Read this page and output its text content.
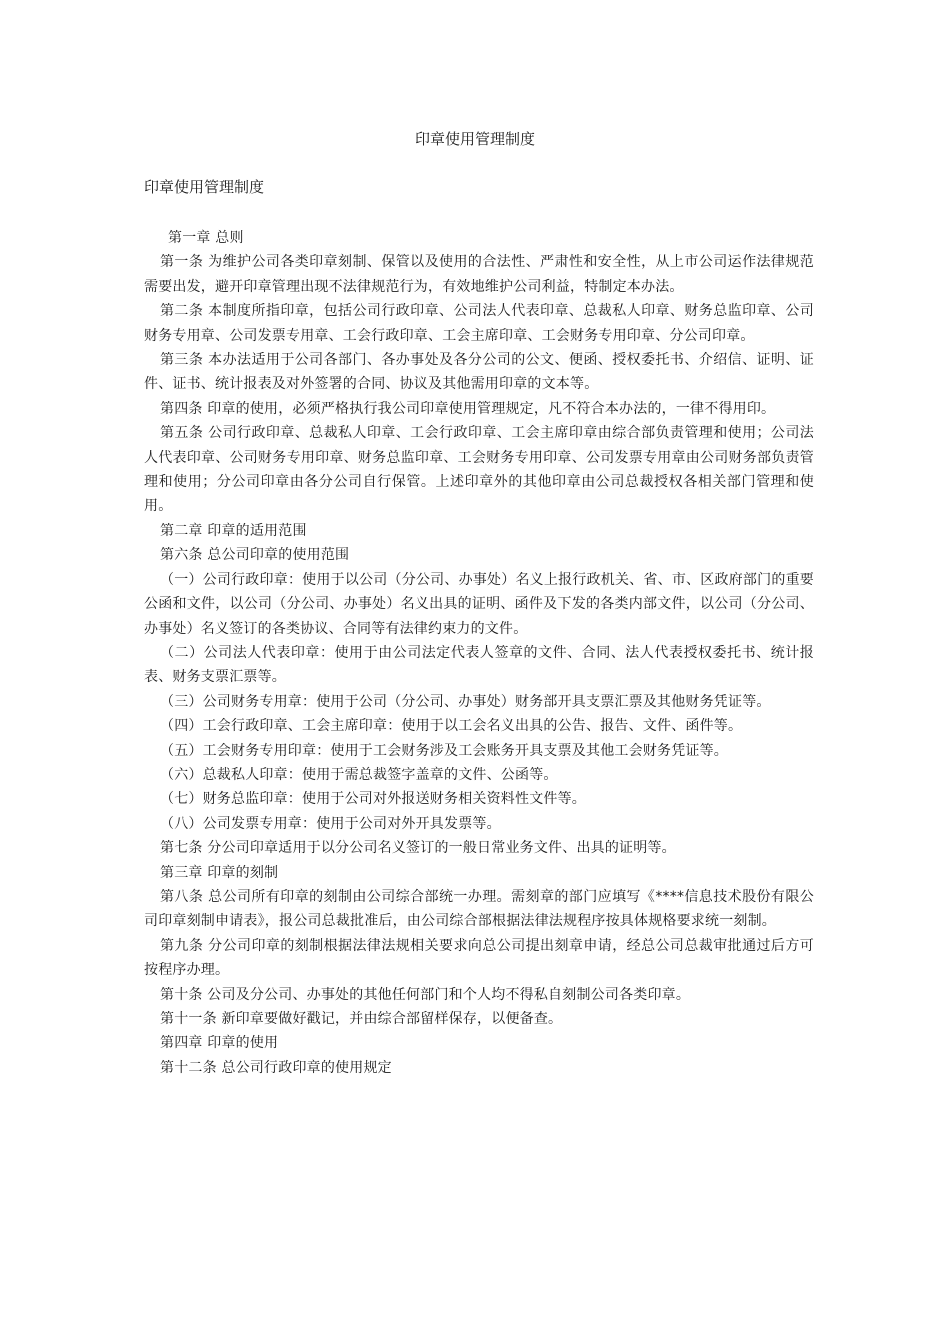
印章使用管理制度
印章使用管理制度

第一章 总则

第一条 为维护公司各类印章刻制、保管以及使用的合法性、严肃性和安全性，从上市公司运作法律规范需要出发，避开印章管理出现不法律规范行为，有效地维护公司利益，特制定本办法。

第二条 本制度所指印章，包括公司行政印章、公司法人代表印章、总裁私人印章、财务总监印章、公司财务专用章、公司发票专用章、工会行政印章、工会主席印章、工会财务专用印章、分公司印章。

第三条 本办法适用于公司各部门、各办事处及各分公司的公文、便函、授权委托书、介绍信、证明、证件、证书、统计报表及对外签署的合同、协议及其他需用印章的文本等。

第四条 印章的使用，必须严格执行我公司印章使用管理规定，凡不符合本办法的，一律不得用印。

第五条 公司行政印章、总裁私人印章、工会行政印章、工会主席印章由综合部负责管理和使用；公司法人代表印章、公司财务专用印章、财务总监印章、工会财务专用印章、公司发票专用章由公司财务部负责管理和使用；分公司印章由各分公司自行保管。上述印章外的其他印章由公司总裁授权各相关部门管理和使用。

第二章 印章的适用范围

第六条 总公司印章的使用范围

（一）公司行政印章：使用于以公司（分公司、办事处）名义上报行政机关、省、市、区政府部门的重要公函和文件，以公司（分公司、办事处）名义出具的证明、函件及下发的各类内部文件，以公司（分公司、办事处）名义签订的各类协议、合同等有法律约束力的文件。

（二）公司法人代表印章：使用于由公司法定代表人签章的文件、合同、法人代表授权委托书、统计报表、财务支票汇票等。

（三）公司财务专用章：使用于公司（分公司、办事处）财务部开具支票汇票及其他财务凭证等。

（四）工会行政印章、工会主席印章：使用于以工会名义出具的公告、报告、文件、函件等。

（五）工会财务专用印章：使用于工会财务涉及工会账务开具支票及其他工会财务凭证等。

（六）总裁私人印章：使用于需总裁签字盖章的文件、公函等。

（七）财务总监印章：使用于公司对外报送财务相关资料性文件等。

（八）公司发票专用章：使用于公司对外开具发票等。

第七条 分公司印章适用于以分公司名义签订的一般日常业务文件、出具的证明等。

第三章 印章的刻制

第八条 总公司所有印章的刻制由公司综合部统一办理。需刻章的部门应填写《****信息技术股份有限公司印章刻制申请表》，报公司总裁批准后，由公司综合部根据法律法规程序按具体规格要求统一刻制。

第九条 分公司印章的刻制根据法律法规相关要求向总公司提出刻章申请，经总公司总裁审批通过后方可按程序办理。

第十条 公司及分公司、办事处的其他任何部门和个人均不得私自刻制公司各类印章。

第十一条 新印章要做好戳记，并由综合部留样保存，以便备查。

第四章 印章的使用

第十二条 总公司行政印章的使用规定
